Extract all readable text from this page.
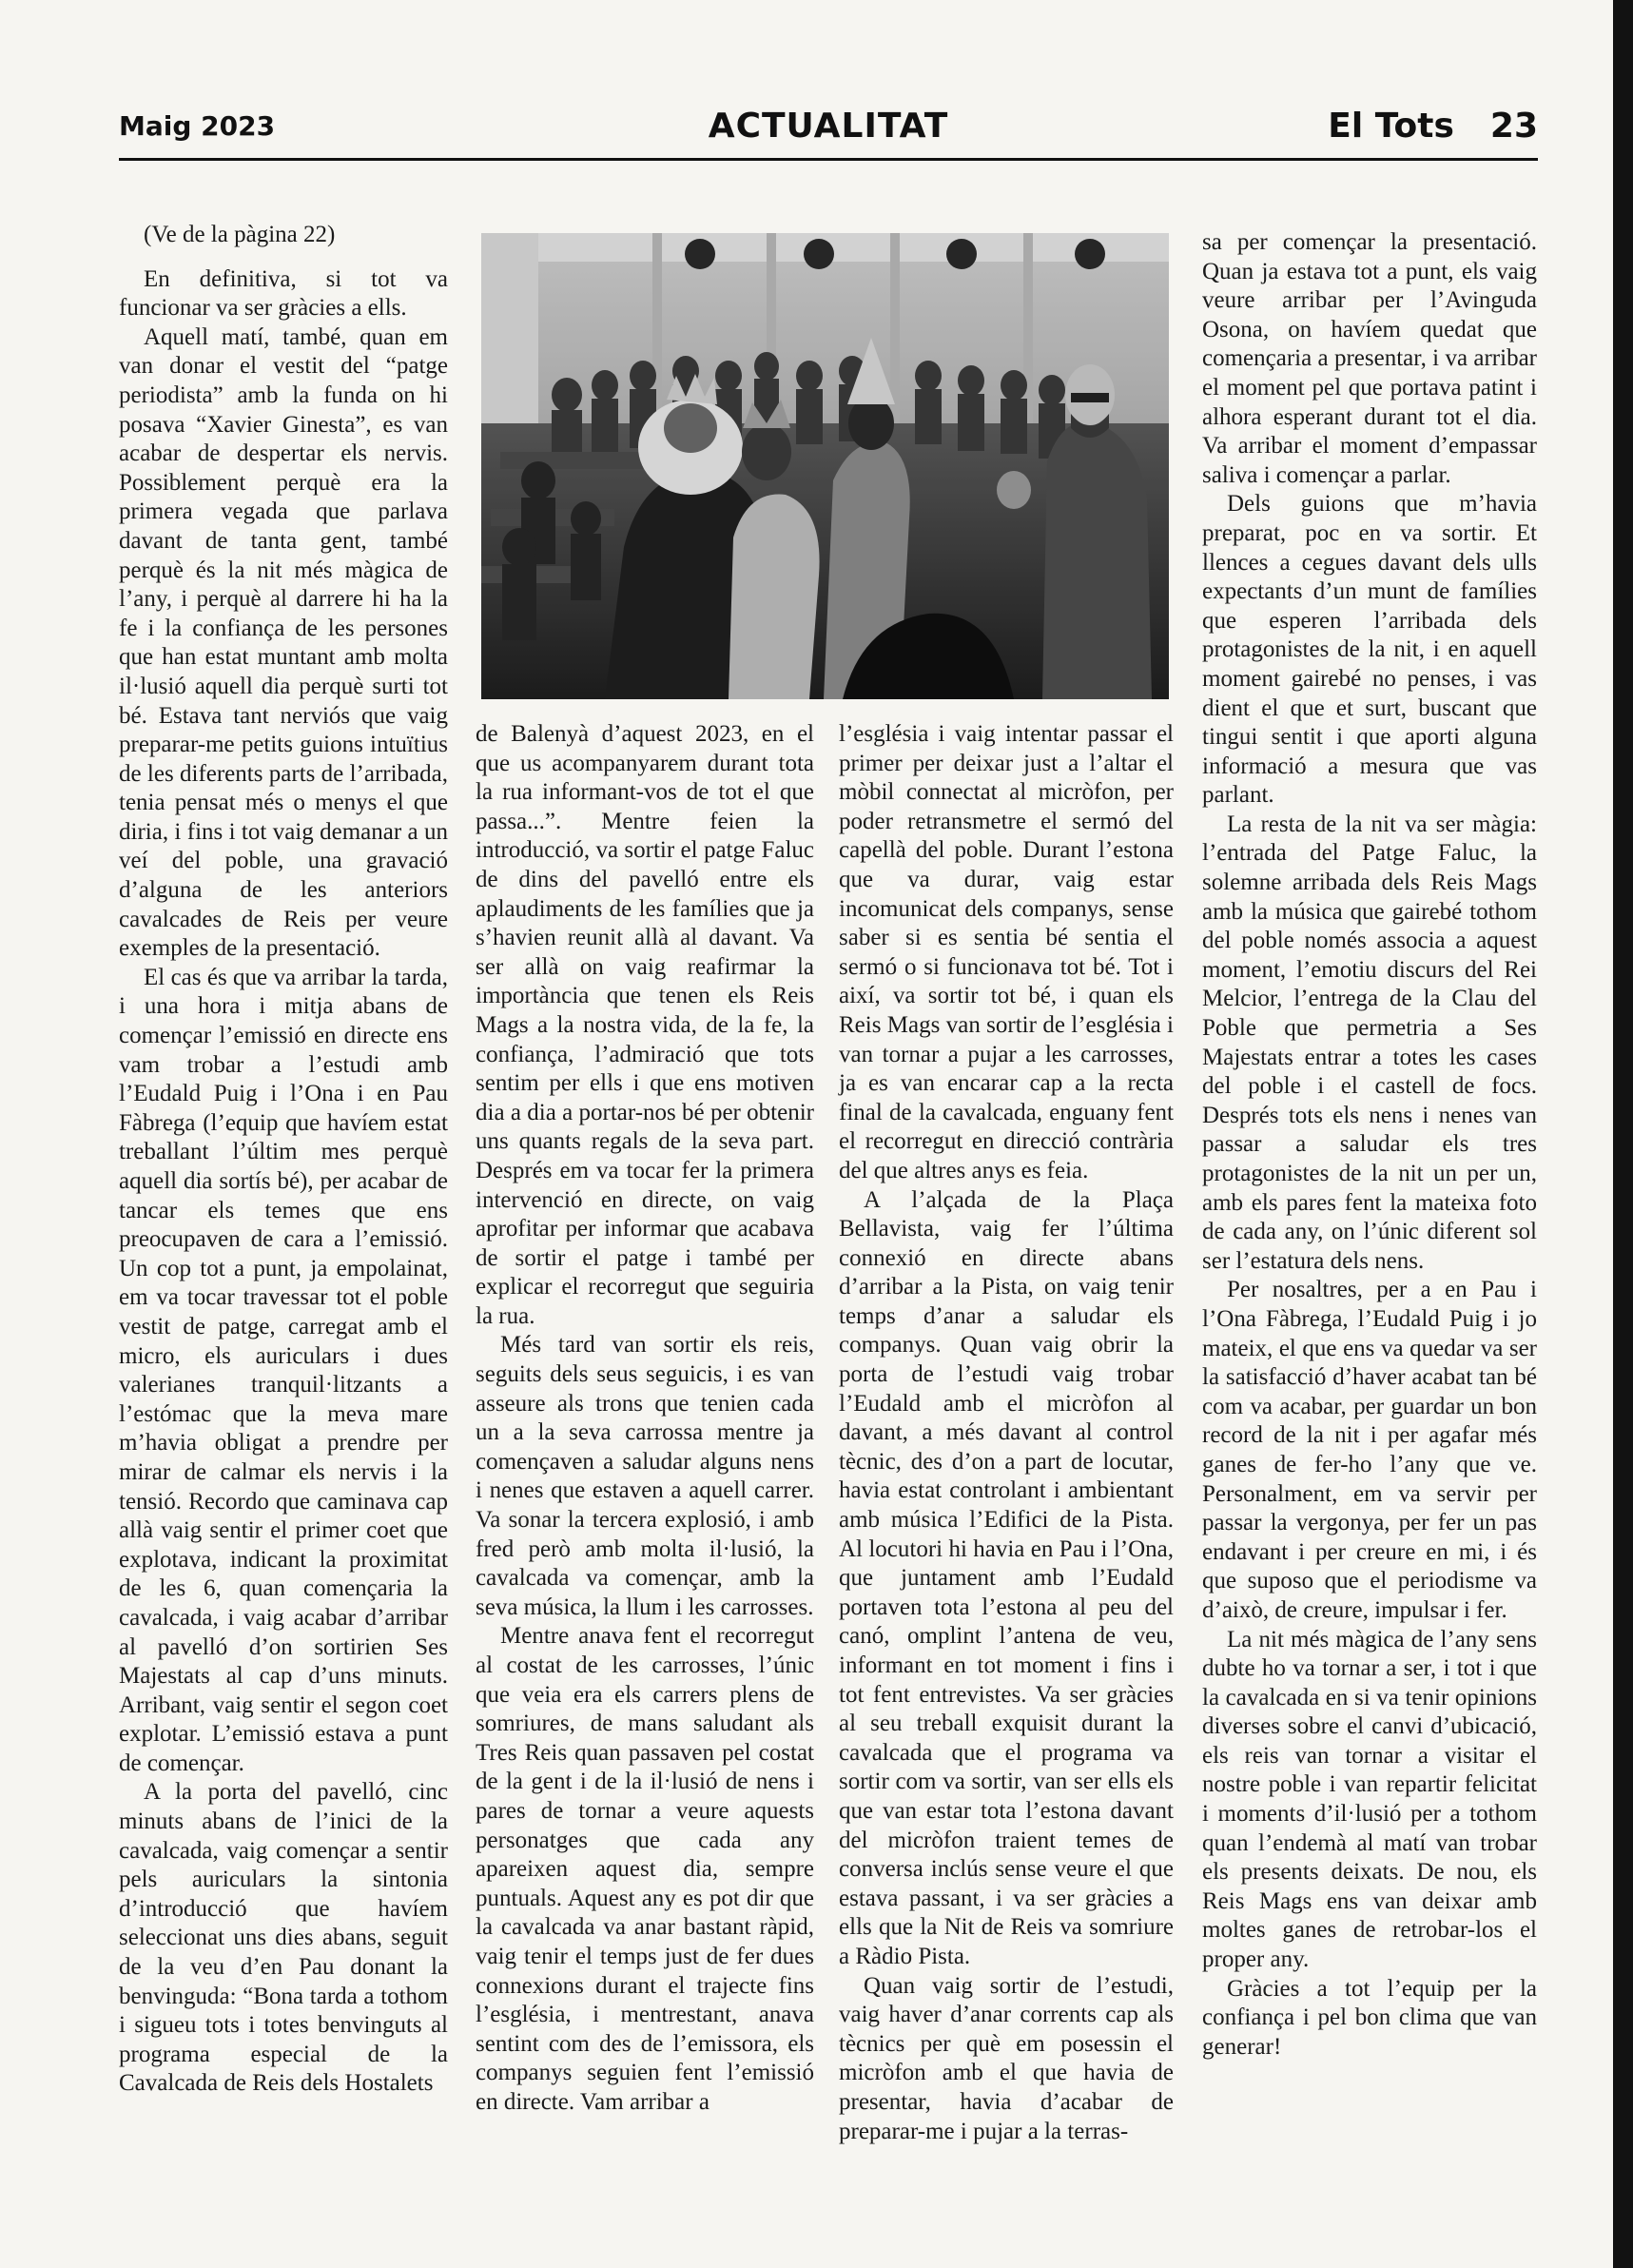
Maig 2023	ACTUALITAT	El Tots 23

(Ve de la pàgina 22)

En definitiva, si tot va funcionar va ser gràcies a ells.

Aquell matí, també, quan em van donar el vestit del “patge periodista” amb la funda on hi posava “Xavier Ginesta”, es van acabar de despertar els nervis. Possiblement perquè era la primera vegada que parlava davant de tanta gent, també perquè és la nit més màgica de l’any, i perquè al darrere hi ha la fe i la confiança de les persones que han estat muntant amb molta il·lusió aquell dia perquè surti tot bé. Estava tant nerviós que vaig preparar-me petits guions intuïtius de les diferents parts de l’arribada, tenia pensat més o menys el que diria, i fins i tot vaig demanar a un veí del poble, una gravació d’alguna de les anteriors cavalcades de Reis per veure exemples de la presentació.

El cas és que va arribar la tarda, i una hora i mitja abans de començar l’emissió en directe ens vam trobar a l’estudi amb l’Eudald Puig i l’Ona i en Pau Fàbrega (l’equip que havíem estat treballant l’últim mes perquè aquell dia sortís bé), per acabar de tancar els temes que ens preocupaven de cara a l’emissió. Un cop tot a punt, ja empolainat, em va tocar travessar tot el poble vestit de patge, carregat amb el micro, els auriculars i dues valerianes tranquil·litzants a l’estómac que la meva mare m’havia obligat a prendre per mirar de calmar els nervis i la tensió. Recordo que caminava cap allà vaig sentir el primer coet que explotava, indicant la proximitat de les 6, quan començaria la cavalcada, i vaig acabar d’arribar al pavelló d’on sortirien Ses Majestats al cap d’uns minuts. Arribant, vaig sentir el segon coet explotar. L’emissió estava a punt de començar.

A la porta del pavelló, cinc minuts abans de l’inici de la cavalcada, vaig començar a sentir pels auriculars la sintonia d’introducció que havíem seleccionat uns dies abans, seguit de la veu d’en Pau donant la benvinguda: “Bona tarda a tothom i sigueu tots i totes benvinguts al programa especial de la Cavalcada de Reis dels Hostalets

de Balenyà d’aquest 2023, en el que us acompanyarem durant tota la rua informant-vos de tot el que passa...”. Mentre feien la introducció, va sortir el patge Faluc de dins del pavelló entre els aplaudiments de les famílies que ja s’havien reunit allà al davant. Va ser allà on vaig reafirmar la importància que tenen els Reis Mags a la nostra vida, de la fe, la confiança, l’admiració que tots sentim per ells i que ens motiven dia a dia a portar-nos bé per obtenir uns quants regals de la seva part. Després em va tocar fer la primera intervenció en directe, on vaig aprofitar per informar que acabava de sortir el patge i també per explicar el recorregut que seguiria la rua.

Més tard van sortir els reis, seguits dels seus seguicis, i es van asseure als trons que tenien cada un a la seva carrossa mentre ja començaven a saludar alguns nens i nenes que estaven a aquell carrer. Va sonar la tercera explosió, i amb fred però amb molta il·lusió, la cavalcada va començar, amb la seva música, la llum i les carrosses.

Mentre anava fent el recorregut al costat de les carrosses, l’únic que veia era els carrers plens de somriures, de mans saludant als Tres Reis quan passaven pel costat de la gent i de la il·lusió de nens i pares de tornar a veure aquests personatges que cada any apareixen aquest dia, sempre puntuals. Aquest any es pot dir que la cavalcada va anar bastant ràpid, vaig tenir el temps just de fer dues connexions durant el trajecte fins l’església, i mentrestant, anava sentint com des de l’emissora, els companys seguien fent l’emissió en directe. Vam arribar a

l’església i vaig intentar passar el primer per deixar just a l’altar el mòbil connectat al micròfon, per poder retransmetre el sermó del capellà del poble. Durant l’estona que va durar, vaig estar incomunicat dels companys, sense saber si es sentia bé sentia el sermó o si funcionava tot bé. Tot i així, va sortir tot bé, i quan els Reis Mags van sortir de l’església i van tornar a pujar a les carrosses, ja es van encarar cap a la recta final de la cavalcada, enguany fent el recorregut en direcció contrària del que altres anys es feia.

A l’alçada de la Plaça Bellavista, vaig fer l’última connexió en directe abans d’arribar a la Pista, on vaig tenir temps d’anar a saludar els companys. Quan vaig obrir la porta de l’estudi vaig trobar l’Eudald amb el micròfon al davant, a més davant al control tècnic, des d’on a part de locutar, havia estat controlant i ambientant amb música l’Edifici de la Pista. Al locutori hi havia en Pau i l’Ona, que juntament amb l’Eudald portaven tota l’estona al peu del canó, omplint l’antena de veu, informant en tot moment i fins i tot fent entrevistes. Va ser gràcies al seu treball exquisit durant la cavalcada que el programa va sortir com va sortir, van ser ells els que van estar tota l’estona davant del micròfon traient temes de conversa inclús sense veure el que estava passant, i va ser gràcies a ells que la Nit de Reis va somriure a Ràdio Pista.

Quan vaig sortir de l’estudi, vaig haver d’anar corrents cap als tècnics per què em posessin el micròfon amb el que havia de presentar, havia d’acabar de preparar-me i pujar a la terras-

sa per començar la presentació. Quan ja estava tot a punt, els vaig veure arribar per l’Avinguda Osona, on havíem quedat que començaria a presentar, i va arribar el moment pel que portava patint i alhora esperant durant tot el dia. Va arribar el moment d’empassar saliva i començar a parlar.

Dels guions que m’havia preparat, poc en va sortir. Et llences a cegues davant dels ulls expectants d’un munt de famílies que esperen l’arribada dels protagonistes de la nit, i en aquell moment gairebé no penses, i vas dient el que et surt, buscant que tingui sentit i que aporti alguna informació a mesura que vas parlant.

La resta de la nit va ser màgia: l’entrada del Patge Faluc, la solemne arribada dels Reis Mags amb la música que gairebé tothom del poble només associa a aquest moment, l’emotiu discurs del Rei Melcior, l’entrega de la Clau del Poble que permetria a Ses Majestats entrar a totes les cases del poble i el castell de focs. Després tots els nens i nenes van passar a saludar els tres protagonistes de la nit un per un, amb els pares fent la mateixa foto de cada any, on l’únic diferent sol ser l’estatura dels nens.

Per nosaltres, per a en Pau i l’Ona Fàbrega, l’Eudald Puig i jo mateix, el que ens va quedar va ser la satisfacció d’haver acabat tan bé com va acabar, per guardar un bon record de la nit i per agafar més ganes de fer-ho l’any que ve. Personalment, em va servir per passar la vergonya, per fer un pas endavant i per creure en mi, i és que suposo que el periodisme va d’això, de creure, impulsar i fer.

La nit més màgica de l’any sens dubte ho va tornar a ser, i tot i que la cavalcada en si va tenir opinions diverses sobre el canvi d’ubicació, els reis van tornar a visitar el nostre poble i van repartir felicitat i moments d’il·lusió per a tothom quan l’endemà al matí van trobar els presents deixats. De nou, els Reis Mags ens van deixar amb moltes ganes de retrobar-los el proper any.

Gràcies a tot l’equip per la confiança i pel bon clima que van generar!
